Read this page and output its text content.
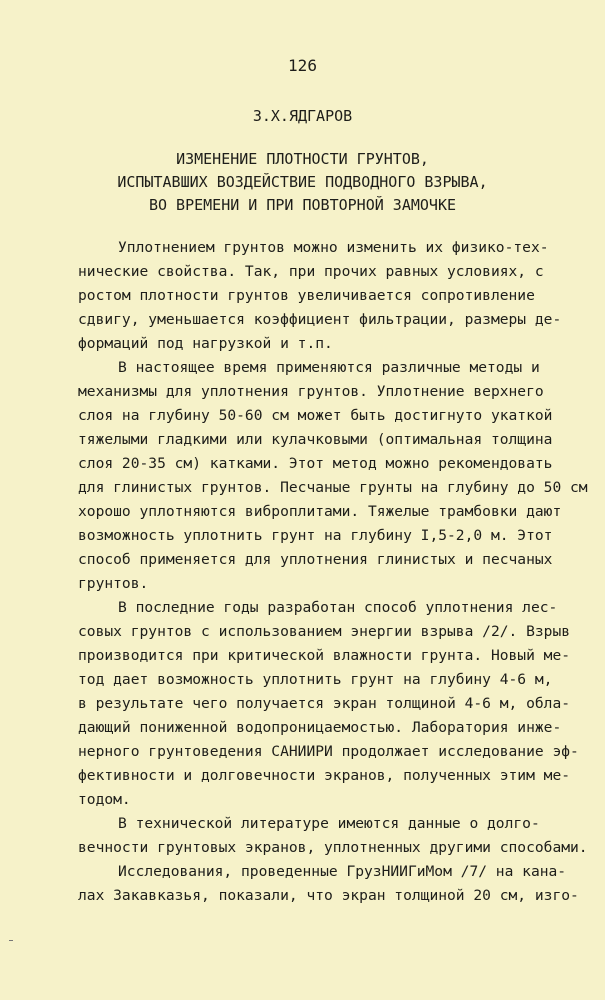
126
З.Х.ЯДГАРОВ
ИЗМЕНЕНИЕ ПЛОТНОСТИ ГРУНТОВ,
ИСПЫТАВШИХ ВОЗДЕЙСТВИЕ ПОДВОДНОГО ВЗРЫВА,
ВО ВРЕМЕНИ И ПРИ ПОВТОРНОЙ ЗАМОЧКЕ
Уплотнением грунтов можно изменить их физико-тех-
нические свойства. Так, при прочих равных условиях, с
ростом плотности грунтов увеличивается сопротивление
сдвигу, уменьшается коэффициент фильтрации, размеры де-
формаций под нагрузкой и т.п.
В настоящее время применяются различные методы и
механизмы для уплотнения грунтов. Уплотнение верхнего
слоя на глубину 50-60 см может быть достигнуто укаткой
тяжелыми гладкими или кулачковыми (оптимальная толщина
слоя 20-35 см) катками. Этот метод можно рекомендовать
для глинистых грунтов. Песчаные грунты на глубину до 50 см
хорошо уплотняются виброплитами. Тяжелые трамбовки дают
возможность уплотнить грунт на глубину I,5-2,0 м. Этот
способ применяется для уплотнения глинистых и песчаных
грунтов.
В последние годы разработан способ уплотнения лес-
совых грунтов с использованием энергии взрыва /2/. Взрыв
производится при критической влажности грунта. Новый ме-
тод дает возможность уплотнить грунт на глубину 4-6 м,
в результате чего получается экран толщиной 4-6 м, обла-
дающий пониженной водопроницаемостью. Лаборатория инже-
нерного грунтоведения САНИИРИ продолжает исследование эф-
фективности и долговечности экранов, полученных этим ме-
тодом.
В технической литературе имеются данные о долго-
вечности грунтовых экранов, уплотненных другими способами.
Исследования, проведенные ГрузНИИГиМом /7/ на кана-
лах Закавказья, показали, что экран толщиной 20 см, изго-
